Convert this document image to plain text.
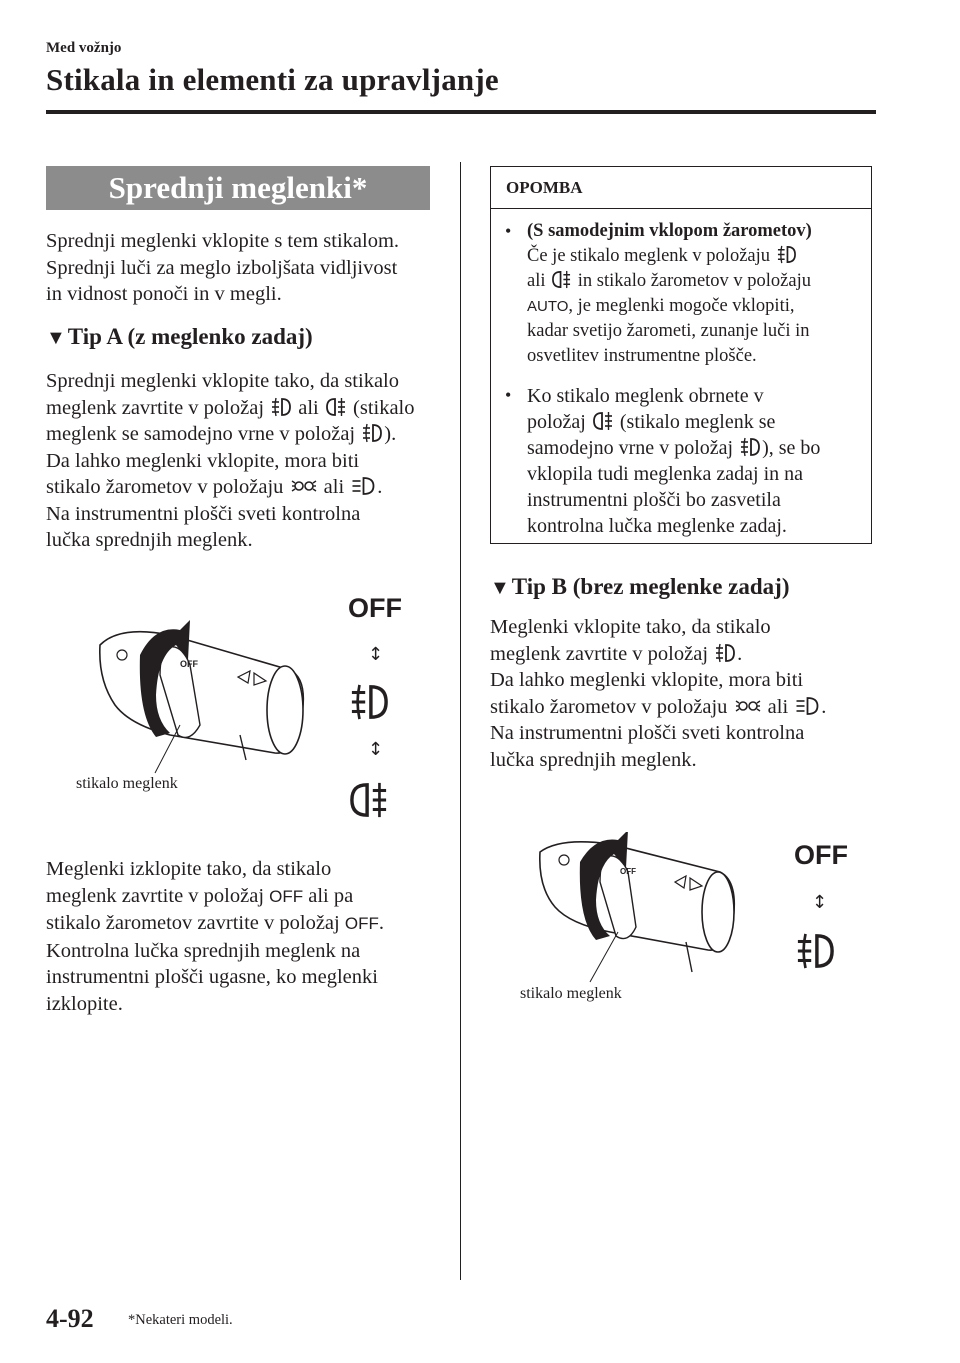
Med vožnjo
Stikala in elementi za upravljanje
Sprednji meglenki*

Sprednji meglenki vklopite s tem stikalom.

Sprednji luči za meglo izboljšata vidljivost

in vidnost ponoči in v megli.

▼Tip A (z meglenko zadaj)

Sprednji meglenki vklopite tako, da stikalo

meglenk zavrtite v položaj ali (stikalo

meglenk se samodejno vrne v položaj ).

Da lahko meglenki vklopite, mora biti

stikalo žarometov v položaju ali .

Na instrumentni plošči sveti kontrolna

lučka sprednjih meglenk.

OFF
OFF
↕
↕
stikalo meglenk

Meglenki izklopite tako, da stikalo

meglenk zavrtite v položaj OFF ali pa

stikalo žarometov zavrtite v položaj OFF.

Kontrolna lučka sprednjih meglenk na

instrumentni plošči ugasne, ko meglenki

izklopite.

OPOMBA
• (S samodejnim vklopom žarometov)
Če je stikalo meglenk v položaju
ali in stikalo žarometov v položaju
AUTO, je meglenki mogoče vklopiti,
kadar svetijo žarometi, zunanje luči in
osvetlitev instrumentne plošče.
• Ko stikalo meglenk obrnete v
položaj (stikalo meglenk se
samodejno vrne v položaj ), se bo
vklopila tudi meglenka zadaj in na
instrumentni plošči bo zasvetila
kontrolna lučka meglenke zadaj.
▼Tip B (brez meglenke zadaj)

Meglenki vklopite tako, da stikalo

meglenk zavrtite v položaj .

Da lahko meglenki vklopite, mora biti

stikalo žarometov v položaju ali .

Na instrumentni plošči sveti kontrolna

lučka sprednjih meglenk.

OFF
OFF
↕
stikalo meglenk
4-92 *Nekateri modeli.
